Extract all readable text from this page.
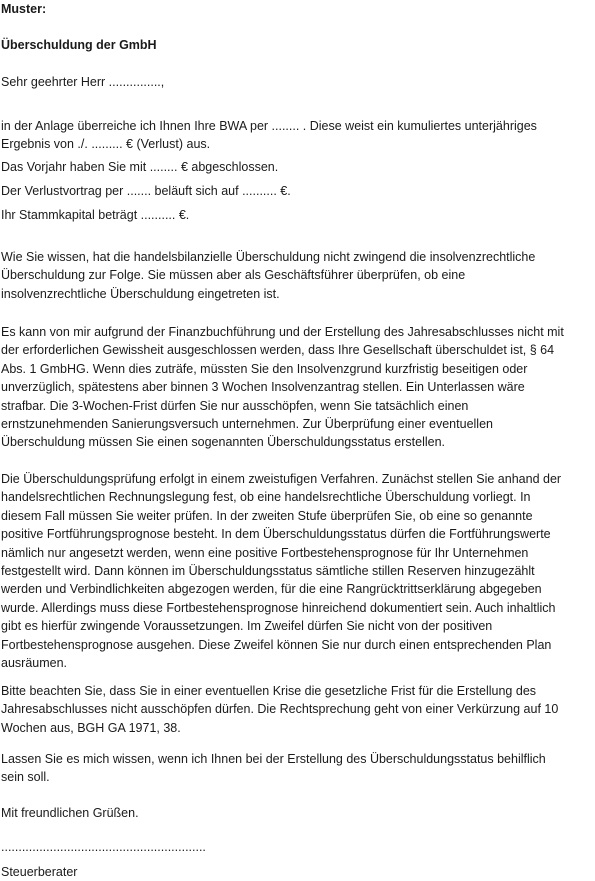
Muster:

Überschuldung der GmbH

Sehr geehrter Herr ...............,

in der Anlage überreiche ich Ihnen Ihre BWA per ........ . Diese weist ein kumuliertes unterjähriges
Ergebnis von ./. ......... € (Verlust) aus.

Das Vorjahr haben Sie mit ........ € abgeschlossen.

Der Verlustvortrag per ....... beläuft sich auf .......... €.

Ihr Stammkapital beträgt .......... €.

Wie Sie wissen, hat die handelsbilanzielle Überschuldung nicht zwingend die insolvenzrechtliche
Überschuldung zur Folge. Sie müssen aber als Geschäftsführer überprüfen, ob eine
insolvenzrechtliche Überschuldung eingetreten ist.

Es kann von mir aufgrund der Finanzbuchführung und der Erstellung des Jahresabschlusses nicht mit
der erforderlichen Gewissheit ausgeschlossen werden, dass Ihre Gesellschaft überschuldet ist, § 64
Abs. 1 GmbHG. Wenn dies zuträfe, müssten Sie den Insolvenzgrund kurzfristig beseitigen oder
unverzüglich, spätestens aber binnen 3 Wochen Insolvenzantrag stellen. Ein Unterlassen wäre
strafbar. Die 3-Wochen-Frist dürfen Sie nur ausschöpfen, wenn Sie tatsächlich einen
ernstzunehmenden Sanierungsversuch unternehmen. Zur Überprüfung einer eventuellen
Überschuldung müssen Sie einen sogenannten Überschuldungsstatus erstellen.

Die Überschuldungsprüfung erfolgt in einem zweistufigen Verfahren. Zunächst stellen Sie anhand der
handelsrechtlichen Rechnungslegung fest, ob eine handelsrechtliche Überschuldung vorliegt. In
diesem Fall müssen Sie weiter prüfen. In der zweiten Stufe überprüfen Sie, ob eine so genannte
positive Fortführungsprognose besteht. In dem Überschuldungsstatus dürfen die Fortführungswerte
nämlich nur angesetzt werden, wenn eine positive Fortbestehensprognose für Ihr Unternehmen
festgestellt wird. Dann können im Überschuldungsstatus sämtliche stillen Reserven hinzugezählt
werden und Verbindlichkeiten abgezogen werden, für die eine Rangrücktrittserklärung abgegeben
wurde. Allerdings muss diese Fortbestehensprognose hinreichend dokumentiert sein. Auch inhaltlich
gibt es hierfür zwingende Voraussetzungen. Im Zweifel dürfen Sie nicht von der positiven
Fortbestehensprognose ausgehen. Diese Zweifel können Sie nur durch einen entsprechenden Plan
ausräumen.

Bitte beachten Sie, dass Sie in einer eventuellen Krise die gesetzliche Frist für die Erstellung des
Jahresabschlusses nicht ausschöpfen dürfen. Die Rechtsprechung geht von einer Verkürzung auf 10
Wochen aus, BGH GA 1971, 38.

Lassen Sie es mich wissen, wenn ich Ihnen bei der Erstellung des Überschuldungsstatus behilflich
sein soll.

Mit freundlichen Grüßen.

...........................................................

Steuerberater
